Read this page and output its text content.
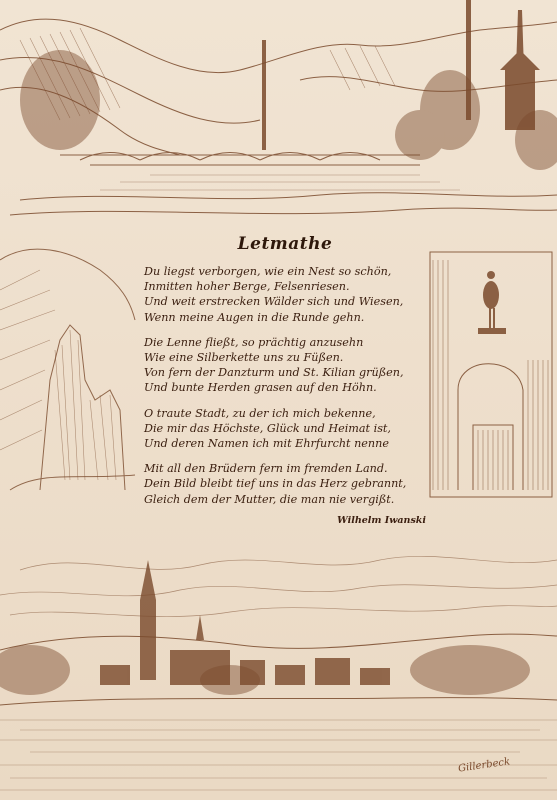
Letmathe
Du liegst verborgen, wie ein Nest so schön,
Inmitten hoher Berge, Felsenriesen.
Und weit erstrecken Wälder sich und Wiesen,
Wenn meine Augen in die Runde gehn.
Die Lenne fließt, so prächtig anzusehn
Wie eine Silberkette uns zu Füßen.
Von fern der Danzturm und St. Kilian grüßen,
Und bunte Herden grasen auf den Höhn.
O traute Stadt, zu der ich mich bekenne,
Die mir das Höchste, Glück und Heimat ist,
Und deren Namen ich mit Ehrfurcht nenne
Mit all den Brüdern fern im fremden Land.
Dein Bild bleibt tief uns in das Herz gebrannt,
Gleich dem der Mutter, die man nie vergißt.
Wilhelm Iwanski
Gillerbeck
